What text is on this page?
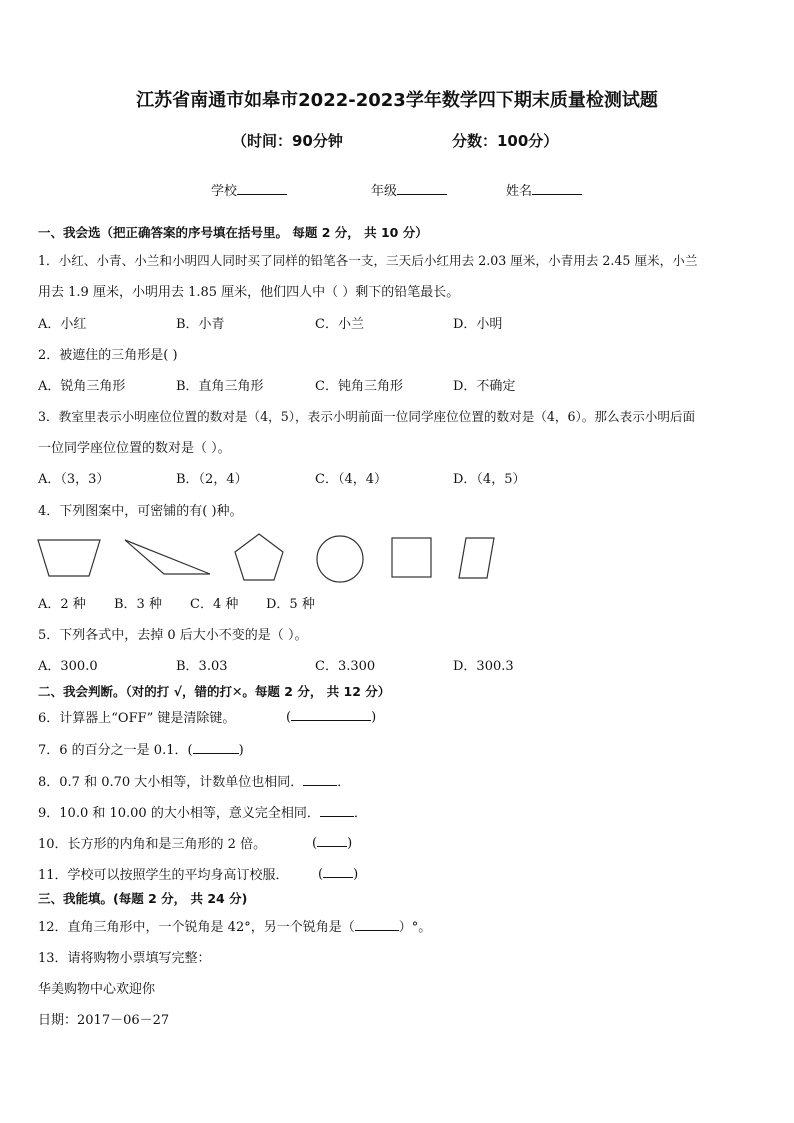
江苏省南通市如皋市2022-2023学年数学四下期末质量检测试题
（时间：90分钟	分数：100分）
学校	年级	姓名
一、我会选（把正确答案的序号填在括号里。 每题 2 分， 共 10 分）
1．小红、小青、小兰和小明四人同时买了同样的铅笔各一支，三天后小红用去 2.03 厘米，小青用去 2.45 厘米，小兰
用去 1.9 厘米，小明用去 1.85 厘米，他们四人中（ ）剩下的铅笔最长。
A．小红	B．小青	C．小兰	D．小明
2．被遮住的三角形是( )
A．锐角三角形	B．直角三角形	C．钝角三角形	D．不确定
3．教室里表示小明座位位置的数对是（4，5），表示小明前面一位同学座位位置的数对是（4，6）。那么表示小明后面
一位同学座位位置的数对是（ ）。
A．（3，3）	B．（2，4）	C．（4，4）	D．（4，5）
4．下列图案中，可密铺的有( )种。
A．2 种 B．3 种 C．4 种 D．5 种
5．下列各式中，去掉 0 后大小不变的是（ ）。
A．300.0	B．3.03	C．3.300	D．300.3
二、我会判断。（对的打 √，错的打✕。每题 2 分， 共 12 分）
6．计算器上“OFF” 键是清除键。	(	)
7．6 的百分之一是 0.1．(	)
8．0.7 和 0.70 大小相等，计数单位也相同．	．
9．10.0 和 10.00 的大小相等，意义完全相同．	．
10．长方形的内角和是三角形的 2 倍。	( )
11．学校可以按照学生的平均身高订校服． ( )
三、我能填。(每题 2 分， 共 24 分)
12．直角三角形中，一个锐角是 42°，另一个锐角是（	）°。
13．请将购物小票填写完整：
华美购物中心欢迎你
日期：2017－06－27
